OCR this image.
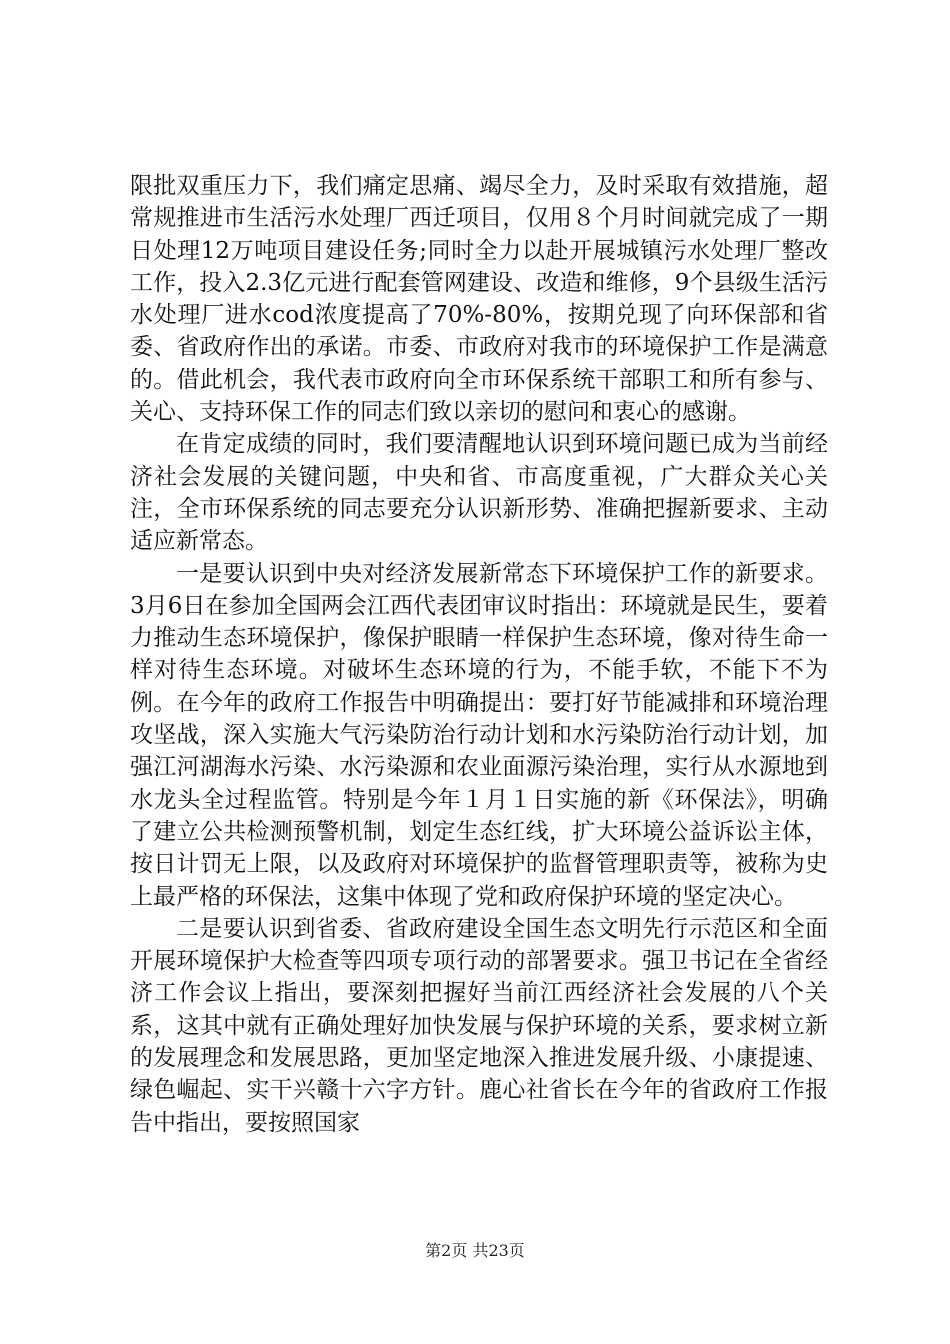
限批双重压力下，我们痛定思痛、竭尽全力，及时采取有效措施，超常规推进市生活污水处理厂西迁项目，仅用８个月时间就完成了一期日处理12万吨项目建设任务;同时全力以赴开展城镇污水处理厂整改工作，投入2.3亿元进行配套管网建设、改造和维修，9个县级生活污水处理厂进水cod浓度提高了70%-80%，按期兑现了向环保部和省委、省政府作出的承诺。市委、市政府对我市的环境保护工作是满意的。借此机会，我代表市政府向全市环保系统干部职工和所有参与、关心、支持环保工作的同志们致以亲切的慰问和衷心的感谢。

在肯定成绩的同时，我们要清醒地认识到环境问题已成为当前经济社会发展的关键问题，中央和省、市高度重视，广大群众关心关注，全市环保系统的同志要充分认识新形势、准确把握新要求、主动适应新常态。

一是要认识到中央对经济发展新常态下环境保护工作的新要求。3月6日在参加全国两会江西代表团审议时指出：环境就是民生，要着力推动生态环境保护，像保护眼睛一样保护生态环境，像对待生命一样对待生态环境。对破坏生态环境的行为，不能手软，不能下不为例。在今年的政府工作报告中明确提出：要打好节能减排和环境治理攻坚战，深入实施大气污染防治行动计划和水污染防治行动计划，加强江河湖海水污染、水污染源和农业面源污染治理，实行从水源地到水龙头全过程监管。特别是今年１月１日实施的新《环保法》，明确了建立公共检测预警机制，划定生态红线，扩大环境公益诉讼主体，按日计罚无上限，以及政府对环境保护的监督管理职责等，被称为史上最严格的环保法，这集中体现了党和政府保护环境的坚定决心。

二是要认识到省委、省政府建设全国生态文明先行示范区和全面开展环境保护大检查等四项专项行动的部署要求。强卫书记在全省经济工作会议上指出，要深刻把握好当前江西经济社会发展的八个关系，这其中就有正确处理好加快发展与保护环境的关系，要求树立新的发展理念和发展思路，更加坚定地深入推进发展升级、小康提速、绿色崛起、实干兴赣十六字方针。鹿心社省长在今年的省政府工作报告中指出，要按照国家

第2页 共23页
